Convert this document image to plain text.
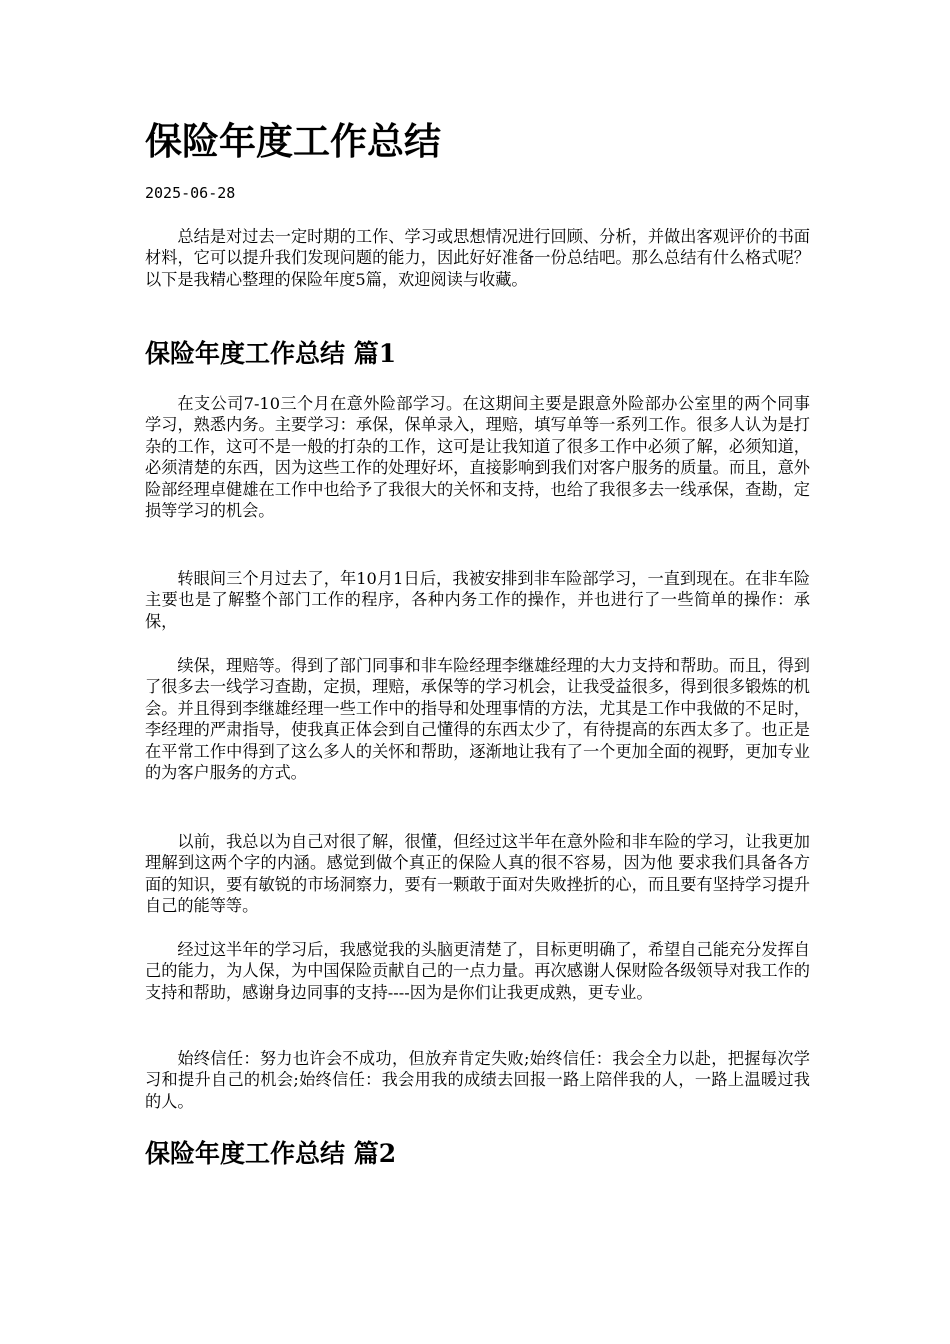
保险年度工作总结
2025-06-28

总结是对过去一定时期的工作、学习或思想情况进行回顾、分析，并做出客观评价的书面材料，它可以提升我们发现问题的能力，因此好好准备一份总结吧。那么总结有什么格式呢？以下是我精心整理的保险年度5篇，欢迎阅读与收藏。

保险年度工作总结 篇1

在支公司7-10三个月在意外险部学习。在这期间主要是跟意外险部办公室里的两个同事学习，熟悉内务。主要学习：承保，保单录入，理赔，填写单等一系列工作。很多人认为是打杂的工作，这可不是一般的打杂的工作，这可是让我知道了很多工作中必须了解，必须知道，必须清楚的东西，因为这些工作的处理好坏，直接影响到我们对客户服务的质量。而且，意外险部经理卓健雄在工作中也给予了我很大的关怀和支持，也给了我很多去一线承保，查勘，定损等学习的机会。

转眼间三个月过去了，年10月1日后，我被安排到非车险部学习，一直到现在。在非车险主要也是了解整个部门工作的程序，各种内务工作的操作，并也进行了一些简单的操作：承保，

续保，理赔等。得到了部门同事和非车险经理李继雄经理的大力支持和帮助。而且，得到了很多去一线学习查勘，定损，理赔，承保等的学习机会，让我受益很多，得到很多锻炼的机会。并且得到李继雄经理一些工作中的指导和处理事情的方法，尤其是工作中我做的不足时，李经理的严肃指导，使我真正体会到自己懂得的东西太少了，有待提高的东西太多了。也正是在平常工作中得到了这么多人的关怀和帮助，逐渐地让我有了一个更加全面的视野，更加专业的为客户服务的方式。

以前，我总以为自己对很了解，很懂，但经过这半年在意外险和非车险的学习，让我更加理解到这两个字的内涵。感觉到做个真正的保险人真的很不容易，因为他 要求我们具备各方面的知识，要有敏锐的市场洞察力，要有一颗敢于面对失败挫折的心，而且要有坚持学习提升自己的能等等。

经过这半年的学习后，我感觉我的头脑更清楚了，目标更明确了，希望自己能充分发挥自己的能力，为人保，为中国保险贡献自己的一点力量。再次感谢人保财险各级领导对我工作的支持和帮助，感谢身边同事的支持----因为是你们让我更成熟，更专业。

始终信任：努力也许会不成功，但放弃肯定失败;始终信任：我会全力以赴，把握每次学习和提升自己的机会;始终信任：我会用我的成绩去回报一路上陪伴我的人，一路上温暖过我的人。

保险年度工作总结 篇2
